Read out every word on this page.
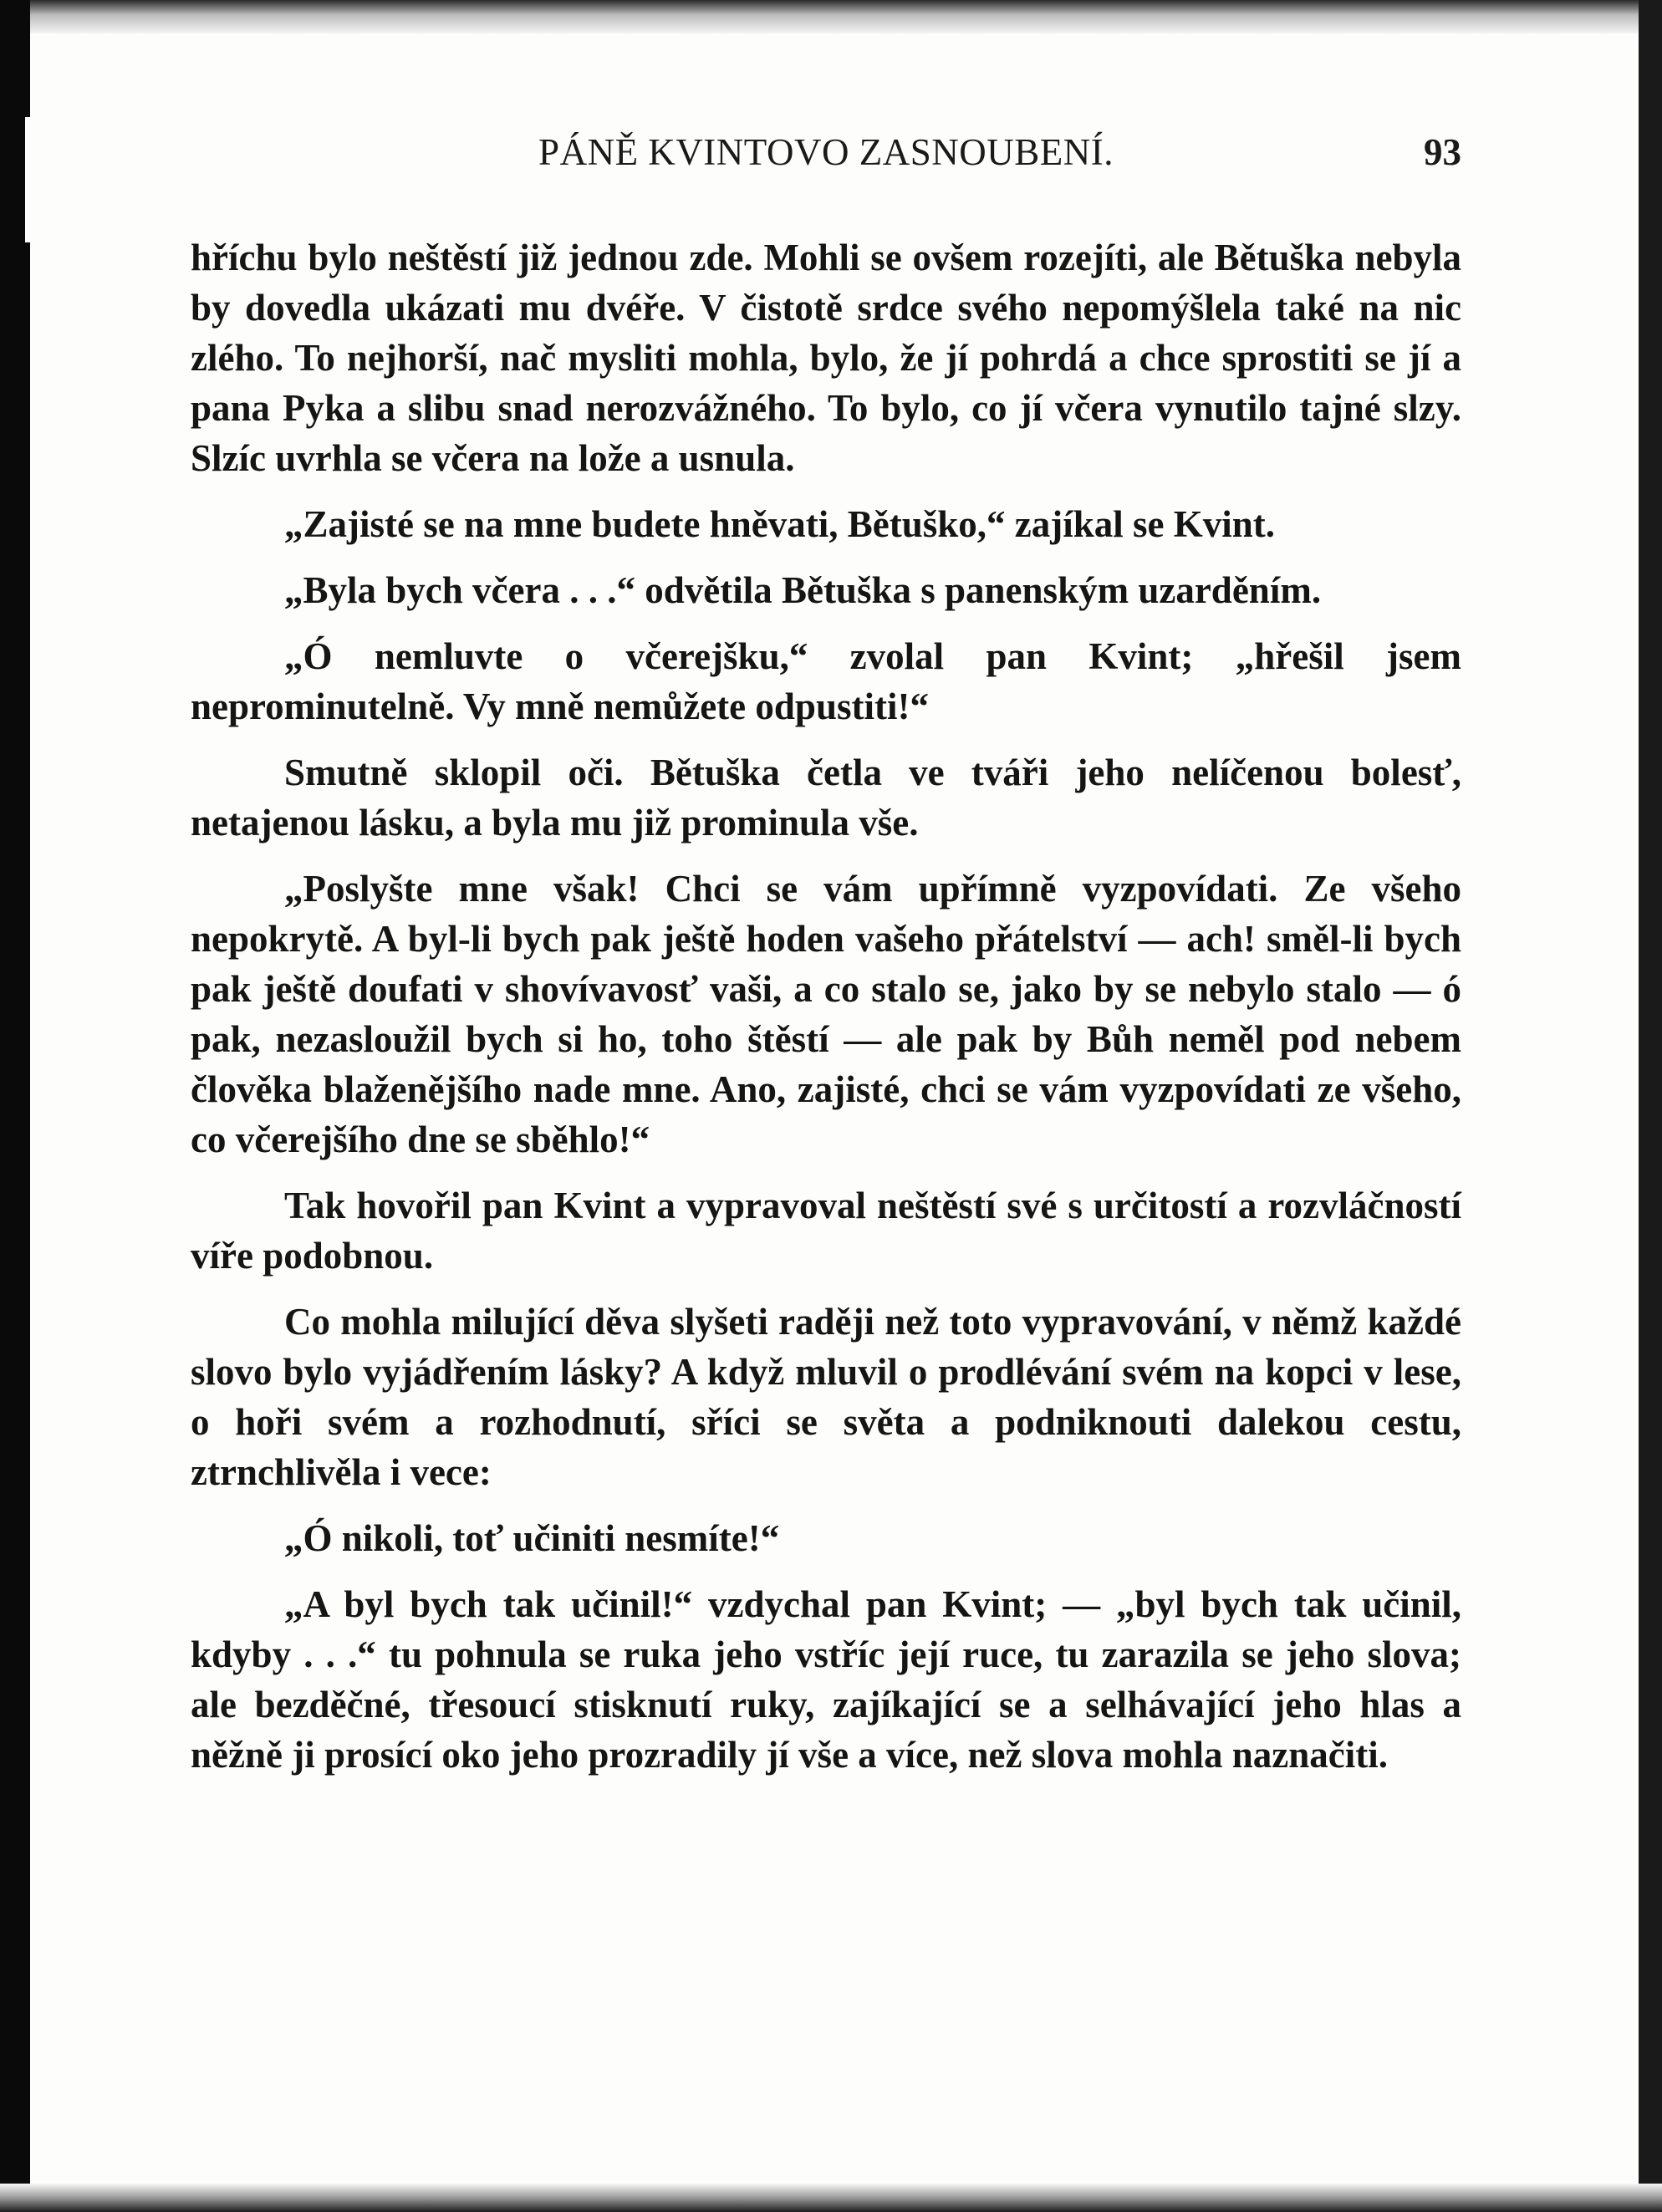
PÁNĚ KVINTOVO ZASNOUBENÍ.	93

hříchu bylo neštěstí již jednou zde. Mohli se ovšem rozejíti, ale Bětuška nebyla by dovedla ukázati mu dvéře. V čistotě srdce svého nepomýšlela také na nic zlého. To nejhorší, nač mysliti mohla, bylo, že jí pohrdá a chce sprostiti se jí a pana Pyka a slibu snad nerozvážného. To bylo, co jí včera vynutilo tajné slzy. Slzíc uvrhla se včera na lože a usnula.

„Zajisté se na mne budete hněvati, Bětuško,“ zajíkal se Kvint.

„Byla bych včera . . .“ odvětila Bětuška s panenským uzarděním.

„Ó nemluvte o včerejšku,“ zvolal pan Kvint; „hřešil jsem neprominutelně. Vy mně nemůžete odpustiti!“

Smutně sklopil oči. Bětuška četla ve tváři jeho nelíčenou bolesť, netajenou lásku, a byla mu již prominula vše.

„Poslyšte mne však! Chci se vám upřímně vyzpovídati. Ze všeho nepokrytě. A byl-li bych pak ještě hoden vašeho přátelství — ach! směl-li bych pak ještě doufati v shovívavosť vaši, a co stalo se, jako by se nebylo stalo — ó pak, nezasloužil bych si ho, toho štěstí — ale pak by Bůh neměl pod nebem člověka blaženějšího nade mne. Ano, zajisté, chci se vám vyzpovídati ze všeho, co včerejšího dne se sběhlo!“

Tak hovořil pan Kvint a vypravoval neštěstí své s určitostí a rozvláčností víře podobnou.

Co mohla milující děva slyšeti raději než toto vypravování, v němž každé slovo bylo vyjádřením lásky? A když mluvil o prodlévání svém na kopci v lese, o hoři svém a rozhodnutí, sříci se světa a podniknouti dalekou cestu, ztrnchlivěla i vece:

„Ó nikoli, toť učiniti nesmíte!“

„A byl bych tak učinil!“ vzdychal pan Kvint; — „byl bych tak učinil, kdyby . . .“ tu pohnula se ruka jeho vstříc její ruce, tu zarazila se jeho slova; ale bezděčné, třesoucí stisknutí ruky, zajíkající se a selhávající jeho hlas a něžně ji prosící oko jeho prozradily jí vše a více, než slova mohla naznačiti.
